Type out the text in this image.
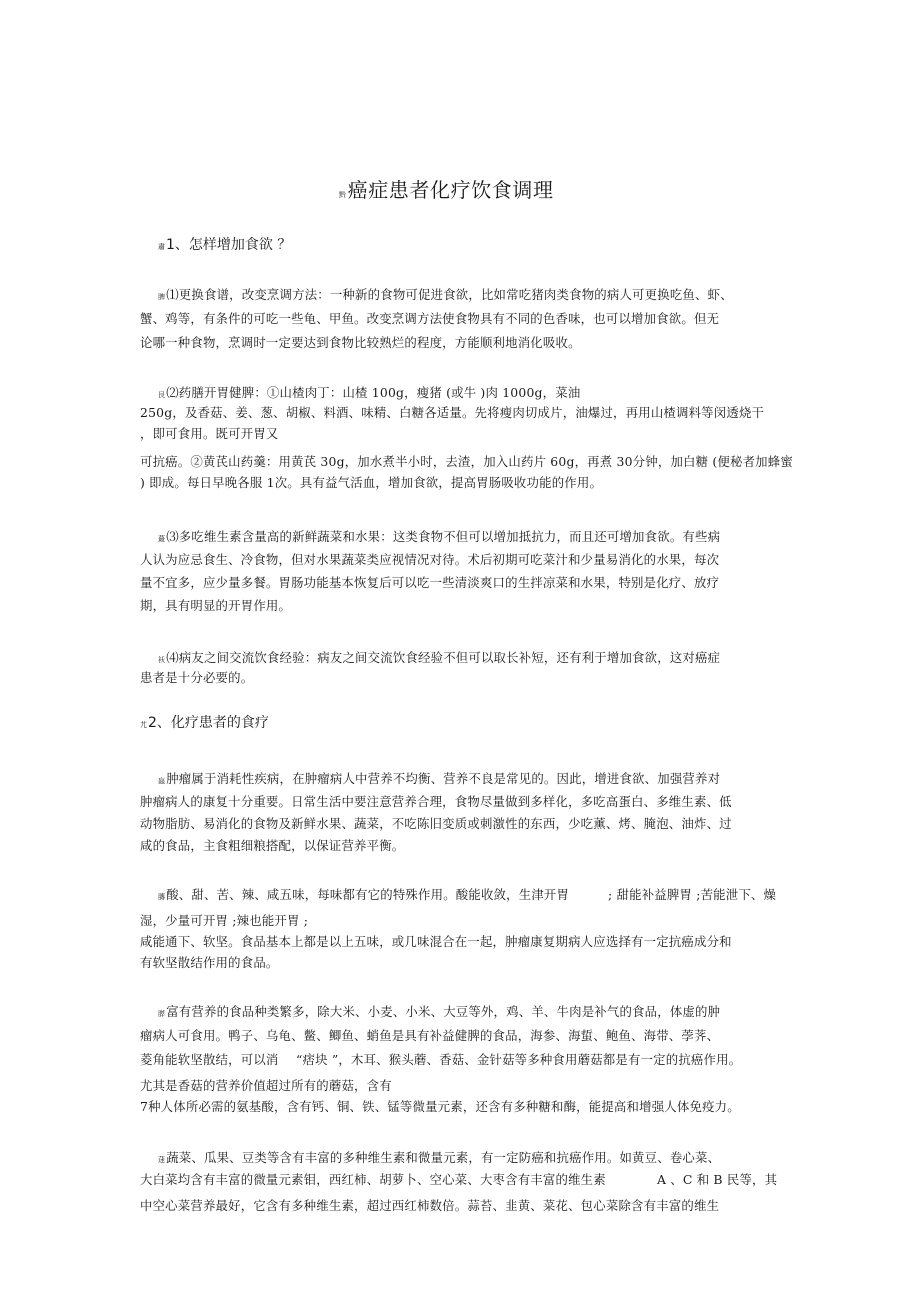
黔癌症患者化疗饮食调理
肅1、怎样增加食欲 ？
脾⑴更换食谱，改变烹调方法：一种新的食物可促进食欲，比如常吃猪肉类食物的病人可更换吃鱼、虾、
蟹、鸡等，有条件的可吃一些龟、甲鱼。改变烹调方法使食物具有不同的色香味，也可以增加食欲。但无
论哪一种食物，烹调时一定要达到食物比较熟烂的程度，方能顺利地消化吸收。
艮⑵药膳开胃健脾：①山楂肉丁：山楂 100g，瘦猪 (或牛 )肉 1000g，菜油
250g，及香菇、姜、葱、胡椒、料酒、味精、白糖各适量。先将瘦肉切成片，油爆过，再用山楂调料等闵透烧干
，即可食用。既可开胃又
可抗癌。②黄芪山药羹：用黄芪 30g，加水煮半小时，去渣，加入山药片 60g，再煮 30分钟，加白糖 (便秘者加蜂蜜
) 即成。每日早晚各服 1次。具有益气活血，增加食欲，提高胃肠吸收功能的作用。
蕞⑶多吃维生素含量高的新鲜蔬菜和水果：这类食物不但可以增加抵抗力，而且还可增加食欲。有些病
人认为应忌食生、冷食物，但对水果蔬菜类应视情况对待。术后初期可吃菜汁和少量易消化的水果，每次
量不宜多，应少量多餐。胃肠功能基本恢复后可以吃一些清淡爽口的生拌凉菜和水果，特别是化疗、放疗
期，具有明显的开胃作用。
袄⑷病友之间交流饮食经验：病友之间交流饮食经验不但可以取长补短，还有利于增加食欲，这对癌症
患者是十分必要的。
芁2、化疗患者的食疗
蝱肿瘤属于消耗性疾病，在肿瘤病人中营养不均衡、营养不良是常见的。因此，增进食欲、加强营养对
肿瘤病人的康复十分重要。日常生活中要注意营养合理，食物尽量做到多样化，多吃高蛋白、多维生素、低
动物脂肪、易消化的食物及新鲜水果、蔬菜，不吃陈旧变质或刺激性的东西，少吃薰、烤、腌泡、油炸、过
咸的食品，主食粗细粮搭配，以保证营养平衡。
膞酸、甜、苦、辣、咸五味，每味都有它的特殊作用。酸能收敛，生津开胃	; 甜能补益脾胃 ;苦能泄下、燥
湿，少量可开胃 ;辣也能开胃 ;
咸能通下、软坚。食品基本上都是以上五味，或几味混合在一起，肿瘤康复期病人应选择有一定抗癌成分和
有软坚散结作用的食品。
膵富有营养的食品种类繁多，除大米、小麦、小米、大豆等外，鸡、羊、牛肉是补气的食品，体虚的肿
瘤病人可食用。鸭子、乌龟、鳖、鲫鱼、蛸鱼是具有补益健脾的食品，海参、海蜇、鲍鱼、海带、荸荠、
菱角能软坚散结，可以消 “痞块 ”，木耳、猴头蘑、香菇、金针菇等多种食用蘑菇都是有一定的抗癌作用。
尤其是香菇的营养价值超过所有的蘑菇，含有
7种人体所必需的氨基酸，含有钙、铜、铁、锰等微量元素，还含有多种糖和酶，能提高和增强人体免疫力。
蒁蔬菜、瓜果、豆类等含有丰富的多种维生素和微量元素，有一定防癌和抗癌作用。如黄豆、卷心菜、
大白菜均含有丰富的微量元素钼，西红柿、胡萝卜、空心菜、大枣含有丰富的维生素	A 、C 和 B 民等，其
中空心菜营养最好，它含有多种维生素，超过西红柿数倍。蒜苔、韭黄、菜花、包心菜除含有丰富的维生
